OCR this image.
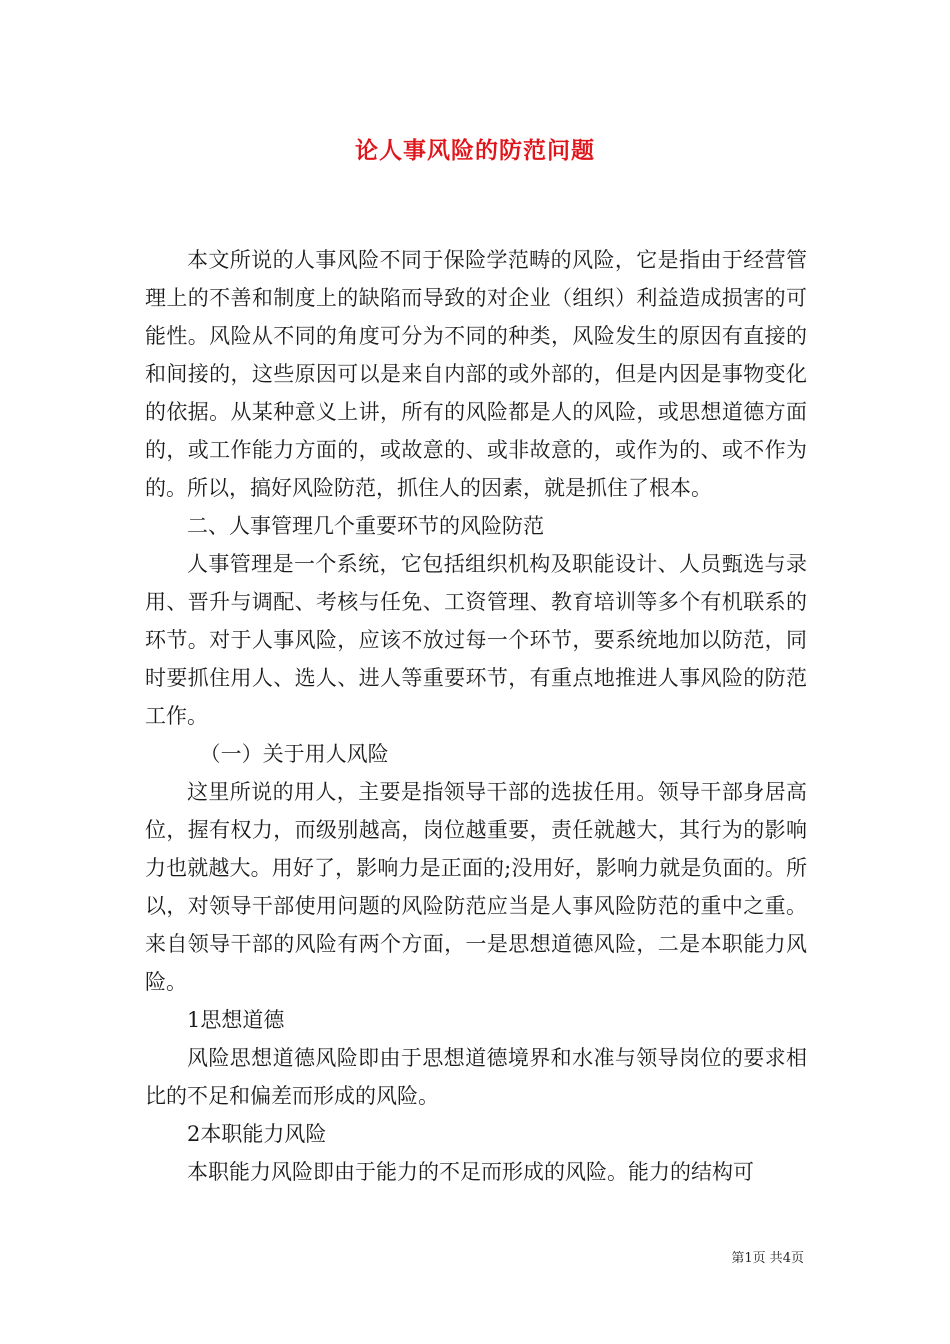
论人事风险的防范问题

本文所说的人事风险不同于保险学范畴的风险，它是指由于经营管理上的不善和制度上的缺陷而导致的对企业（组织）利益造成损害的可能性。风险从不同的角度可分为不同的种类，风险发生的原因有直接的和间接的，这些原因可以是来自内部的或外部的，但是内因是事物变化的依据。从某种意义上讲，所有的风险都是人的风险，或思想道德方面的，或工作能力方面的，或故意的、或非故意的，或作为的、或不作为的。所以，搞好风险防范，抓住人的因素，就是抓住了根本。

二、人事管理几个重要环节的风险防范

人事管理是一个系统，它包括组织机构及职能设计、人员甄选与录用、晋升与调配、考核与任免、工资管理、教育培训等多个有机联系的环节。对于人事风险，应该不放过每一个环节，要系统地加以防范，同时要抓住用人、选人、进人等重要环节，有重点地推进人事风险的防范工作。

（一）关于用人风险

这里所说的用人，主要是指领导干部的选拔任用。领导干部身居高位，握有权力，而级别越高，岗位越重要，责任就越大，其行为的影响力也就越大。用好了，影响力是正面的;没用好，影响力就是负面的。所以，对领导干部使用问题的风险防范应当是人事风险防范的重中之重。来自领导干部的风险有两个方面，一是思想道德风险，二是本职能力风险。

1思想道德

风险思想道德风险即由于思想道德境界和水准与领导岗位的要求相比的不足和偏差而形成的风险。

2本职能力风险

本职能力风险即由于能力的不足而形成的风险。能力的结构可

第1页 共4页
